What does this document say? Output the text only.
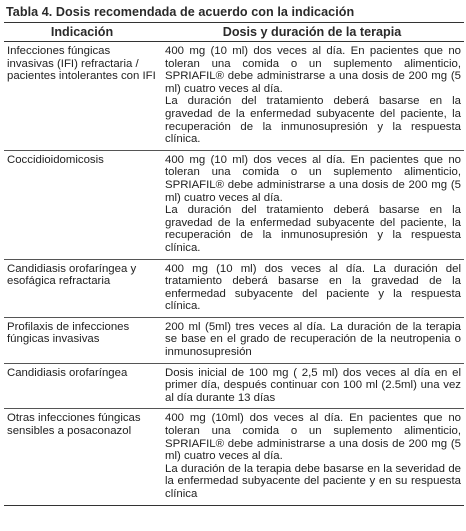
Tabla 4. Dosis recomendada de acuerdo con la indicación
Indicación	Dosis y duración de la terapia
Infecciones fúngicas invasivas (IFI) refractaria / pacientes intolerantes con IFI	400 mg (10 ml) dos veces al día. En pacientes que no toleran una comida o un suplemento alimenticio, SPRIAFIL® debe administrarse a una dosis de 200 mg (5 ml) cuatro veces al día.
La duración del tratamiento deberá basarse en la gravedad de la enfermedad subyacente del paciente, la recuperación de la inmunosupresión y la respuesta clínica.

Coccidioidomicosis	400 mg (10 ml) dos veces al día. En pacientes que no toleran una comida o un suplemento alimenticio, SPRIAFIL® debe administrarse a una dosis de 200 mg (5 ml) cuatro veces al día.
La duración del tratamiento deberá basarse en la gravedad de la enfermedad subyacente del paciente, la recuperación de la inmunosupresión y la respuesta clínica.

Candidiasis orofaríngea y esofágica refractaria	400 mg (10 ml) dos veces al día. La duración del tratamiento deberá basarse en la gravedad de la enfermedad subyacente del paciente y la respuesta clínica.

Profilaxis de infecciones fúngicas invasivas	200 ml (5ml) tres veces al día. La duración de la terapia se base en el grado de recuperación de la neutropenia o inmunosupresión

Candidiasis orofaríngea	Dosis inicial de 100 mg ( 2,5 ml) dos veces al día en el primer día, después continuar con 100 ml (2.5ml) una vez al día durante 13 días

Otras infecciones fúngicas sensibles a posaconazol	400 mg (10ml) dos veces al día. En pacientes que no toleran una comida o un suplemento alimenticio, SPRIAFIL® debe administrarse a una dosis de 200 mg (5 ml) cuatro veces al día.
La duración de la terapia debe basarse en la severidad de la enfermedad subyacente del paciente y en su respuesta clínica
